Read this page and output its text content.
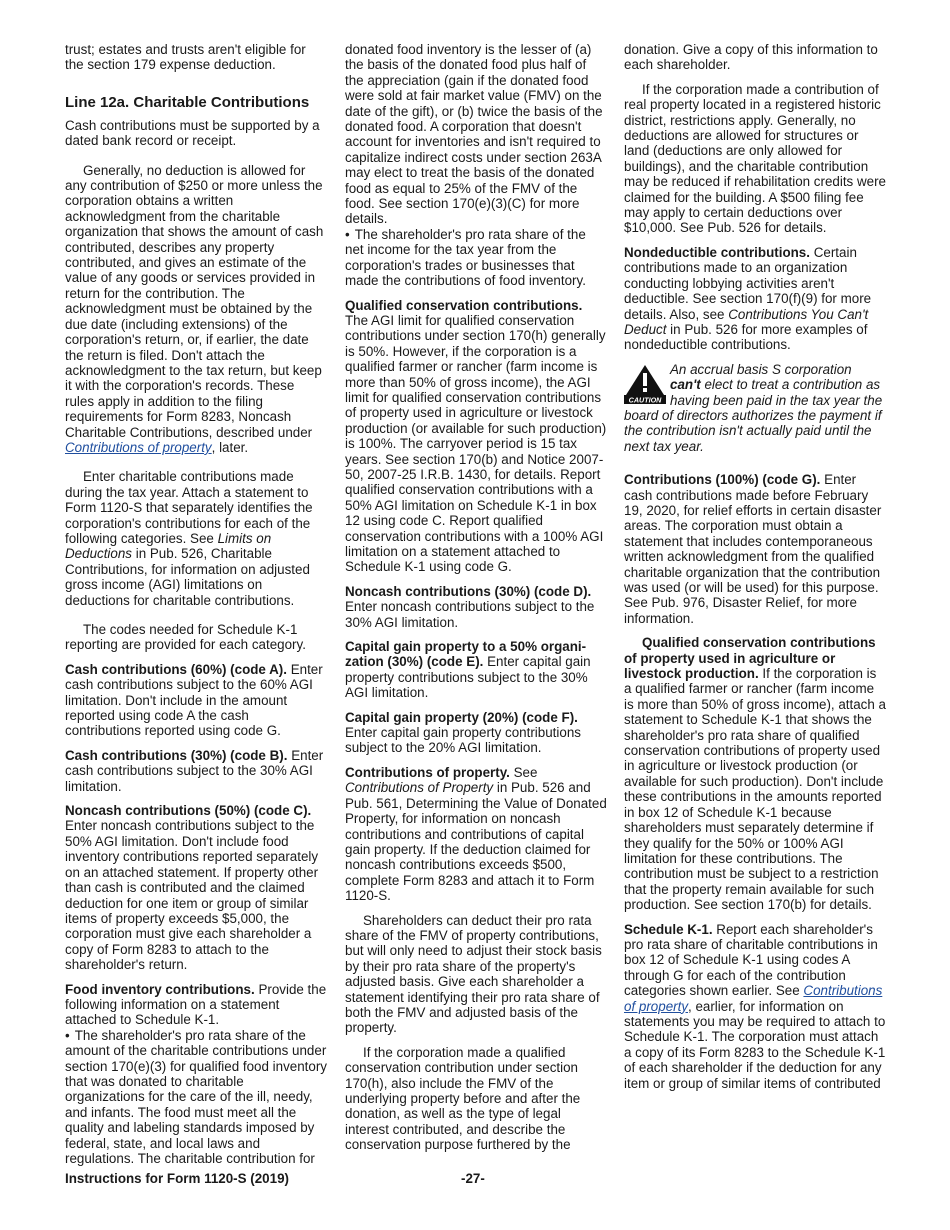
trust; estates and trusts aren't eligible for the section 179 expense deduction.

Line 12a. Charitable Contributions

Cash contributions must be supported by a dated bank record or receipt.

Generally, no deduction is allowed for any contribution of $250 or more unless the corporation obtains a written acknowledgment from the charitable organization that shows the amount of cash contributed, describes any property contributed, and gives an estimate of the value of any goods or services provided in return for the contribution. The acknowledgment must be obtained by the due date (including extensions) of the corporation's return, or, if earlier, the date the return is filed. Don't attach the acknowledgment to the tax return, but keep it with the corporation's records. These rules apply in addition to the filing requirements for Form 8283, Noncash Charitable Contributions, described under Contributions of property, later.

Enter charitable contributions made during the tax year. Attach a statement to Form 1120-S that separately identifies the corporation's contributions for each of the following categories. See Limits on Deductions in Pub. 526, Charitable Contributions, for information on adjusted gross income (AGI) limitations on deductions for charitable contributions.

The codes needed for Schedule K-1 reporting are provided for each category.

Cash contributions (60%) (code A). Enter cash contributions subject to the 60% AGI limitation. Don't include in the amount reported using code A the cash contributions reported using code G.

Cash contributions (30%) (code B). Enter cash contributions subject to the 30% AGI limitation.

Noncash contributions (50%) (code C). Enter noncash contributions subject to the 50% AGI limitation. Don't include food inventory contributions reported separately on an attached statement. If property other than cash is contributed and the claimed deduction for one item or group of similar items of property exceeds $5,000, the corporation must give each shareholder a copy of Form 8283 to attach to the shareholder's return.

Food inventory contributions. Provide the following information on a statement attached to Schedule K-1.

• The shareholder's pro rata share of the amount of the charitable contributions under section 170(e)(3) for qualified food inventory that was donated to charitable organizations for the care of the ill, needy, and infants. The food must meet all the quality and labeling standards imposed by federal, state, and local laws and regulations. The charitable contribution for

donated food inventory is the lesser of (a) the basis of the donated food plus half of the appreciation (gain if the donated food were sold at fair market value (FMV) on the date of the gift), or (b) twice the basis of the donated food. A corporation that doesn't account for inventories and isn't required to capitalize indirect costs under section 263A may elect to treat the basis of the donated food as equal to 25% of the FMV of the food. See section 170(e)(3)(C) for more details.

• The shareholder's pro rata share of the net income for the tax year from the corporation's trades or businesses that made the contributions of food inventory.

Qualified conservation contributions. The AGI limit for qualified conservation contributions under section 170(h) generally is 50%. However, if the corporation is a qualified farmer or rancher (farm income is more than 50% of gross income), the AGI limit for qualified conservation contributions of property used in agriculture or livestock production (or available for such production) is 100%. The carryover period is 15 tax years. See section 170(b) and Notice 2007-50, 2007-25 I.R.B. 1430, for details. Report qualified conservation contributions with a 50% AGI limitation on Schedule K-1 in box 12 using code C. Report qualified conservation contributions with a 100% AGI limitation on a statement attached to Schedule K-1 using code G.

Noncash contributions (30%) (code D). Enter noncash contributions subject to the 30% AGI limitation.

Capital gain property to a 50% organi-zation (30%) (code E). Enter capital gain property contributions subject to the 30% AGI limitation.

Capital gain property (20%) (code F). Enter capital gain property contributions subject to the 20% AGI limitation.

Contributions of property. See Contributions of Property in Pub. 526 and Pub. 561, Determining the Value of Donated Property, for information on noncash contributions and contributions of capital gain property. If the deduction claimed for noncash contributions exceeds $500, complete Form 8283 and attach it to Form 1120-S.

Shareholders can deduct their pro rata share of the FMV of property contributions, but will only need to adjust their stock basis by their pro rata share of the property's adjusted basis. Give each shareholder a statement identifying their pro rata share of both the FMV and adjusted basis of the property.

If the corporation made a qualified conservation contribution under section 170(h), also include the FMV of the underlying property before and after the donation, as well as the type of legal interest contributed, and describe the conservation purpose furthered by the

donation. Give a copy of this information to each shareholder.

If the corporation made a contribution of real property located in a registered historic district, restrictions apply. Generally, no deductions are allowed for structures or land (deductions are only allowed for buildings), and the charitable contribution may be reduced if rehabilitation credits were claimed for the building. A $500 filing fee may apply to certain deductions over $10,000. See Pub. 526 for details.

Nondeductible contributions. Certain contributions made to an organization conducting lobbying activities aren't deductible. See section 170(f)(9) for more details. Also, see Contributions You Can't Deduct in Pub. 526 for more examples of nondeductible contributions.

CAUTION
An accrual basis S corporation can't elect to treat a contribution as having been paid in the tax year the board of directors authorizes the payment if the contribution isn't actually paid until the next tax year.

Contributions (100%) (code G). Enter cash contributions made before February 19, 2020, for relief efforts in certain disaster areas. The corporation must obtain a statement that includes contemporaneous written acknowledgment from the qualified charitable organization that the contribution was used (or will be used) for this purpose. See Pub. 976, Disaster Relief, for more information.

Qualified conservation contributions of property used in agriculture or livestock production. If the corporation is a qualified farmer or rancher (farm income is more than 50% of gross income), attach a statement to Schedule K-1 that shows the shareholder's pro rata share of qualified conservation contributions of property used in agriculture or livestock production (or available for such production). Don't include these contributions in the amounts reported in box 12 of Schedule K-1 because shareholders must separately determine if they qualify for the 50% or 100% AGI limitation for these contributions. The contribution must be subject to a restriction that the property remain available for such production. See section 170(b) for details.

Schedule K-1. Report each shareholder's pro rata share of charitable contributions in box 12 of Schedule K-1 using codes A through G for each of the contribution categories shown earlier. See Contributions of property, earlier, for information on statements you may be required to attach to Schedule K-1. The corporation must attach a copy of its Form 8283 to the Schedule K-1 of each shareholder if the deduction for any item or group of similar items of contributed

Instructions for Form 1120-S (2019)	-27-
